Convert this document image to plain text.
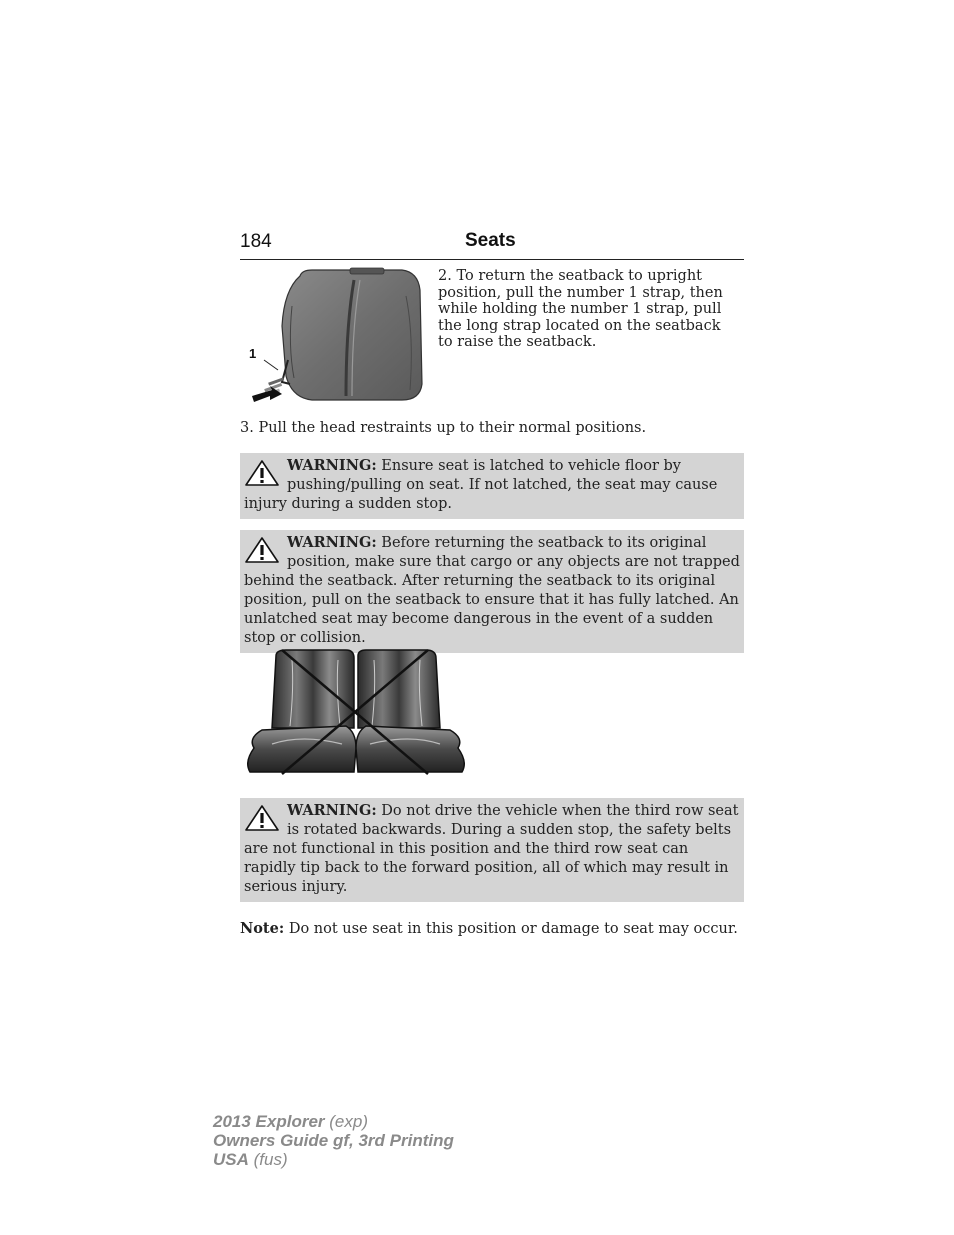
184	Seats
1
2. To return the seatback to upright position, pull the number 1 strap, then while holding the number 1 strap, pull the long strap located on the seatback to raise the seatback.
3. Pull the head restraints up to their normal positions.
WARNING: Ensure seat is latched to vehicle floor by pushing/pulling on seat. If not latched, the seat may cause injury during a sudden stop.
WARNING: Before returning the seatback to its original position, make sure that cargo or any objects are not trapped behind the seatback. After returning the seatback to its original position, pull on the seatback to ensure that it has fully latched. An unlatched seat may become dangerous in the event of a sudden stop or collision.
WARNING: Do not drive the vehicle when the third row seat is rotated backwards. During a sudden stop, the safety belts are not functional in this position and the third row seat can rapidly tip back to the forward position, all of which may result in serious injury.
Note: Do not use seat in this position or damage to seat may occur.
2013 Explorer (exp)
Owners Guide gf, 3rd Printing
USA (fus)
